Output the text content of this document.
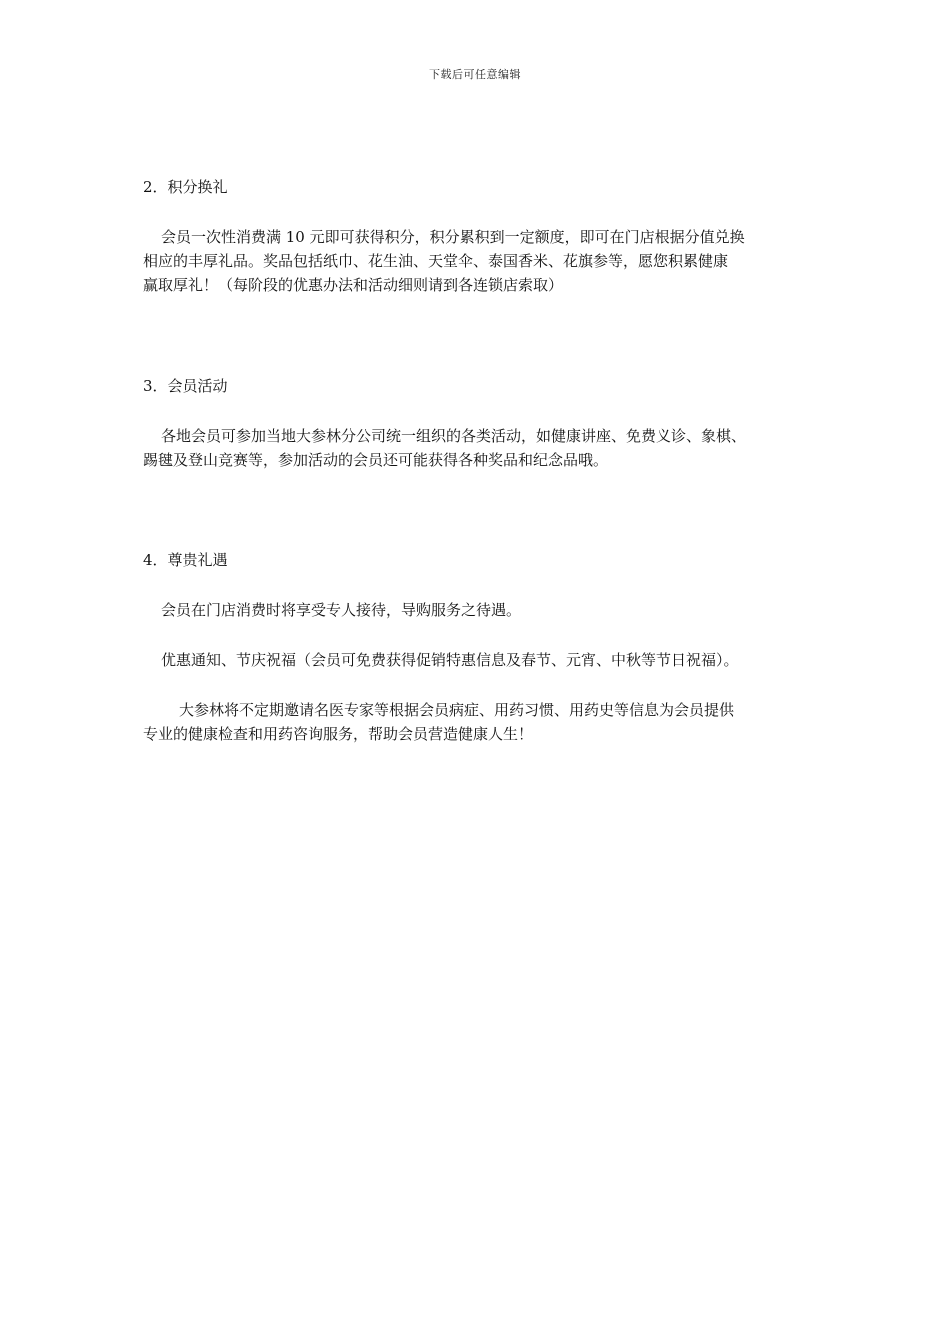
下载后可任意编辑
2．积分换礼
会员一次性消费满 10 元即可获得积分，积分累积到一定额度，即可在门店根据分值兑换
相应的丰厚礼品。奖品包括纸巾、花生油、天堂伞、泰国香米、花旗参等，愿您积累健康
赢取厚礼！（每阶段的优惠办法和活动细则请到各连锁店索取）
3．会员活动
各地会员可参加当地大参林分公司统一组织的各类活动，如健康讲座、免费义诊、象棋、
踢毽及登山竞赛等，参加活动的会员还可能获得各种奖品和纪念品哦。
4．尊贵礼遇
会员在门店消费时将享受专人接待，导购服务之待遇。
优惠通知、节庆祝福（会员可免费获得促销特惠信息及春节、元宵、中秋等节日祝福）。
大参林将不定期邀请名医专家等根据会员病症、用药习惯、用药史等信息为会员提供
专业的健康检查和用药咨询服务，帮助会员营造健康人生！
